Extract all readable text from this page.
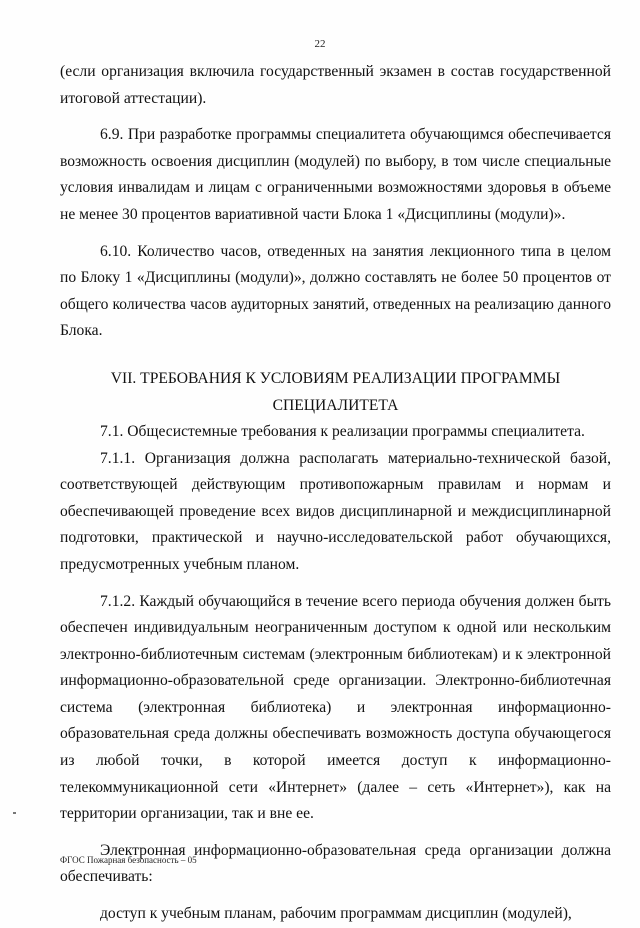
22

(если организация включила государственный экзамен в состав государственной итоговой аттестации).

6.9. При разработке программы специалитета обучающимся обеспечивается возможность освоения дисциплин (модулей) по выбору, в том числе специальные условия инвалидам и лицам с ограниченными возможностями здоровья в объеме не менее 30 процентов вариативной части Блока 1 «Дисциплины (модули)».

6.10. Количество часов, отведенных на занятия лекционного типа в целом по Блоку 1 «Дисциплины (модули)», должно составлять не более 50 процентов от общего количества часов аудиторных занятий, отведенных на реализацию данного Блока.

VII. ТРЕБОВАНИЯ К УСЛОВИЯМ РЕАЛИЗАЦИИ ПРОГРАММЫ
СПЕЦИАЛИТЕТА

7.1. Общесистемные требования к реализации программы специалитета.

7.1.1. Организация должна располагать материально-технической базой, соответствующей действующим противопожарным правилам и нормам и обеспечивающей проведение всех видов дисциплинарной и междисциплинарной подготовки, практической и научно-исследовательской работ обучающихся, предусмотренных учебным планом.

7.1.2. Каждый обучающийся в течение всего периода обучения должен быть обеспечен индивидуальным неограниченным доступом к одной или нескольким электронно-библиотечным системам (электронным библиотекам) и к электронной информационно-образовательной среде организации. Электронно-библиотечная система (электронная библиотека) и электронная информационно-образовательная среда должны обеспечивать возможность доступа обучающегося из любой точки, в которой имеется доступ к информационно-телекоммуникационной сети «Интернет» (далее – сеть «Интернет»), как на территории организации, так и вне ее.

Электронная информационно-образовательная среда организации должна обеспечивать:

доступ к учебным планам, рабочим программам дисциплин (модулей),

ФГОС Пожарная безопасность – 05
